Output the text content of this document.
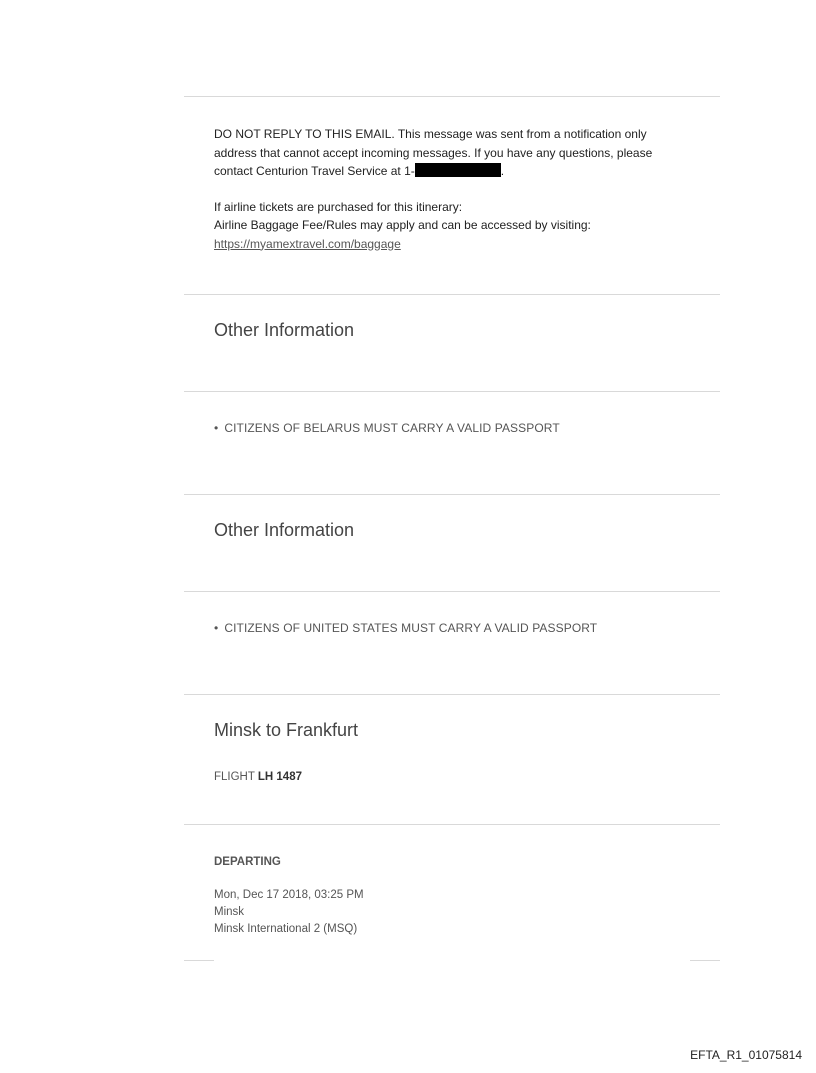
DO NOT REPLY TO THIS EMAIL. This message was sent from a notification only

address that cannot accept incoming messages. If you have any questions, please

contact Centurion Travel Service at 1-	.

If airline tickets are purchased for this itinerary:

Airline Baggage Fee/Rules may apply and can be accessed by visiting:

https://myamextravel.com/baggage

Other Information
• CITIZENS OF BELARUS MUST CARRY A VALID PASSPORT
Other Information
• CITIZENS OF UNITED STATES MUST CARRY A VALID PASSPORT
Minsk to Frankfurt
FLIGHT LH 1487
DEPARTING
Mon, Dec 17 2018, 03:25 PM
Minsk
Minsk International 2 (MSQ)
EFTA_R1_01075814
